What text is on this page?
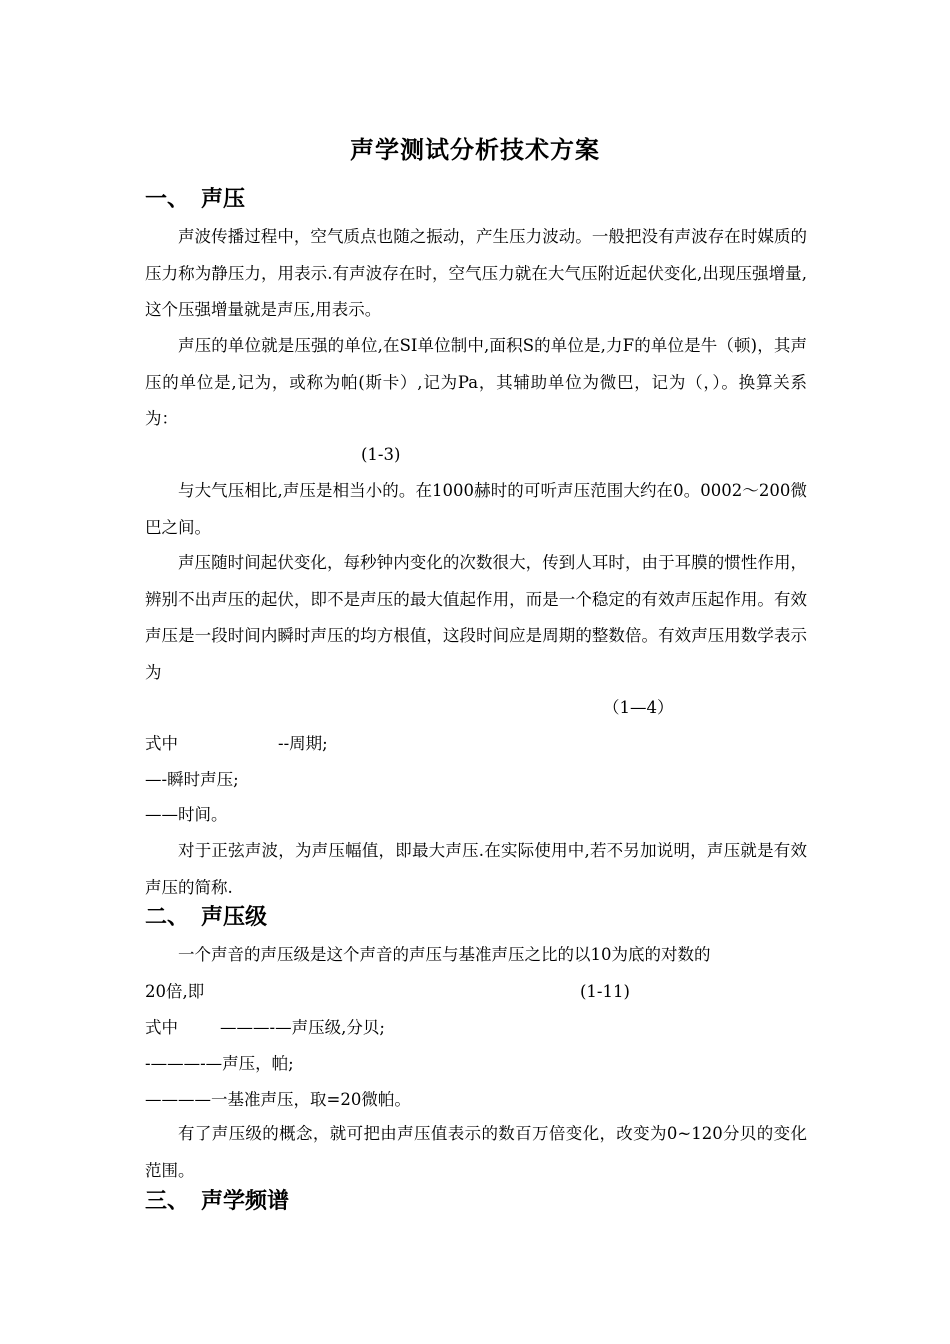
声学测试分析技术方案
一、 声压

声波传播过程中，空气质点也随之振动，产生压力波动。一般把没有声波存在时媒质的压力称为静压力，用表示.有声波存在时，空气压力就在大气压附近起伏变化,出现压强增量,这个压强增量就是声压,用表示。

声压的单位就是压强的单位,在SI单位制中,面积S的单位是,力F的单位是牛（顿)，其声压的单位是,记为，或称为帕(斯卡）,记为Pa，其辅助单位为微巴，记为（，）。换算关系为：

(1-3)

与大气压相比,声压是相当小的。在1000赫时的可听声压范围大约在0。0002～200微巴之间。

声压随时间起伏变化，每秒钟内变化的次数很大，传到人耳时，由于耳膜的惯性作用，辨别不出声压的起伏，即不是声压的最大值起作用，而是一个稳定的有效声压起作用。有效声压是一段时间内瞬时声压的均方根值，这段时间应是周期的整数倍。有效声压用数学表示为

（1—4）
式中	--周期;
—-瞬时声压;
——时间。

对于正弦声波，为声压幅值，即最大声压.在实际使用中,若不另加说明，声压就是有效声压的简称.

二、 声压级

一个声音的声压级是这个声音的声压与基准声压之比的以10为底的对数的

20倍,即	(1-11)
式中	———-—声压级,分贝;
-———-—声压，帕;
————一基准声压，取=20微帕。

有了声压级的概念，就可把由声压值表示的数百万倍变化，改变为0~120分贝的变化范围。

三、 声学频谱
